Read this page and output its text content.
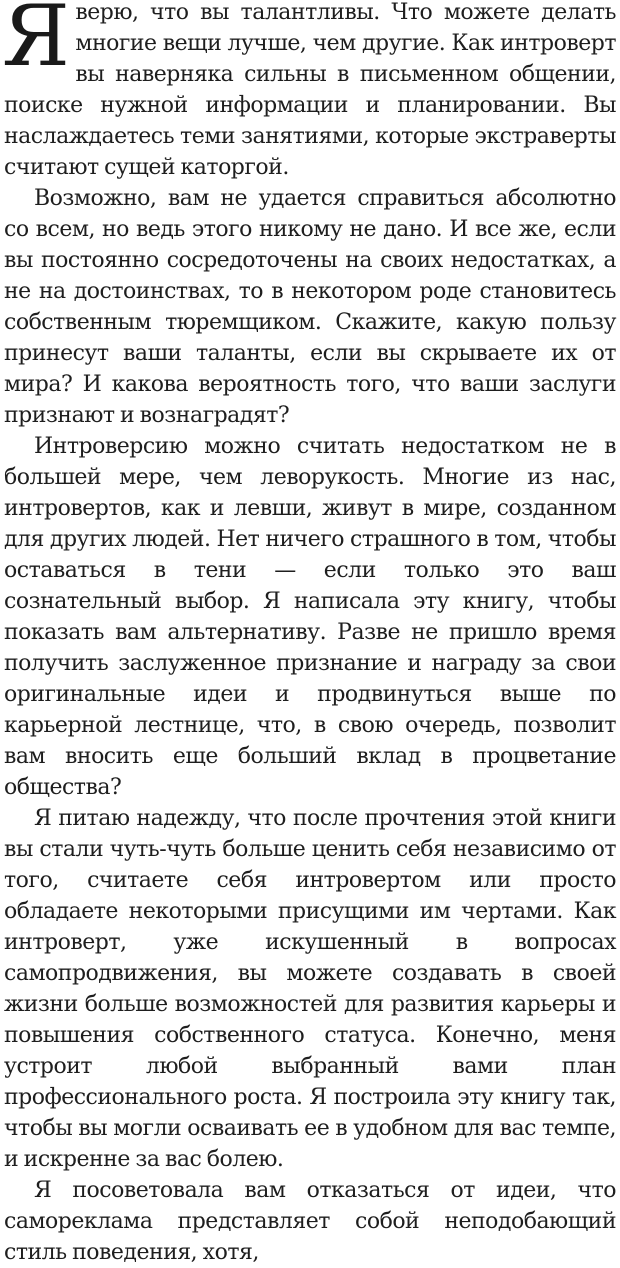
Яверю, что вы талантливы. Что можете делать многие вещи лучше, чем другие. Как интроверт вы наверняка сильны в письменном общении, поиске нужной информации и планировании. Вы наслаждаетесь теми занятиями, которые экстраверты считают сущей каторгой.

Возможно, вам не удается справиться абсолютно со всем, но ведь этого никому не дано. И все же, если вы постоянно сосредоточены на своих недостатках, а не на достоинствах, то в некотором роде становитесь собственным тюремщиком. Скажите, какую пользу принесут ваши таланты, если вы скрываете их от мира? И какова вероятность того, что ваши заслуги признают и вознаградят?

Интроверсию можно считать недостатком не в большей мере, чем леворукость. Многие из нас, интровертов, как и левши, живут в мире, созданном для других людей. Нет ничего страшного в том, чтобы оставаться в тени — если только это ваш сознательный выбор. Я написала эту книгу, чтобы показать вам альтернативу. Разве не пришло время получить заслуженное признание и награду за свои оригинальные идеи и продвинуться выше по карьерной лестнице, что, в свою очередь, позволит вам вносить еще больший вклад в процветание общества?

Я питаю надежду, что после прочтения этой книги вы стали чуть-чуть больше ценить себя независимо от того, считаете себя интровертом или просто обладаете некоторыми присущими им чертами. Как интроверт, уже искушенный в вопросах самопродвижения, вы можете создавать в своей жизни больше возможностей для развития карьеры и повышения собственного статуса. Конечно, меня устроит любой выбранный вами план профессионального роста. Я построила эту книгу так, чтобы вы могли осваивать ее в удобном для вас темпе, и искренне за вас болею.

Я посоветовала вам отказаться от идеи, что самореклама представляет собой неподобающий стиль поведения, хотя,
